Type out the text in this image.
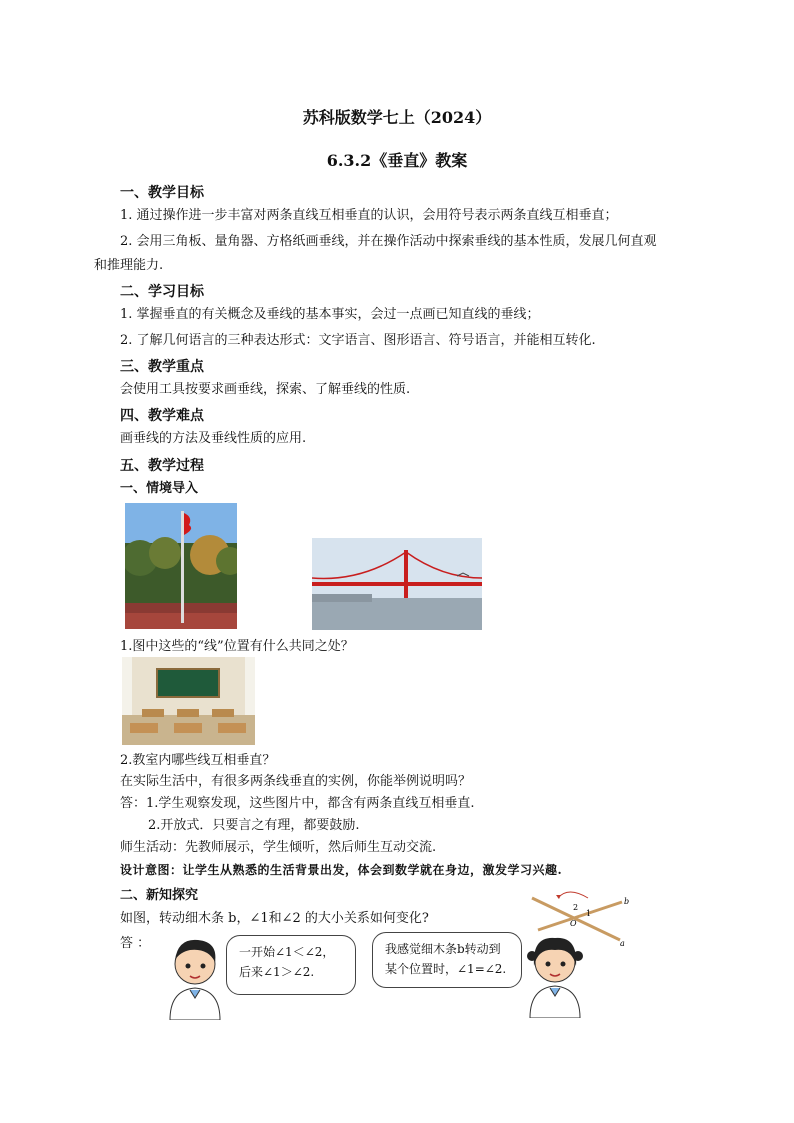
苏科版数学七上（2024）
6.3.2《垂直》教案
一、教学目标
1. 通过操作进一步丰富对两条直线互相垂直的认识，会用符号表示两条直线互相垂直；
2. 会用三角板、量角器、方格纸画垂线，并在操作活动中探索垂线的基本性质，发展几何直观
和推理能力.
二、学习目标
1. 掌握垂直的有关概念及垂线的基本事实，会过一点画已知直线的垂线；
2. 了解几何语言的三种表达形式：文字语言、图形语言、符号语言，并能相互转化.
三、教学重点
会使用工具按要求画垂线，探索、了解垂线的性质.
四、教学难点
画垂线的方法及垂线性质的应用.
五、教学过程
一、情境导入
1.图中这些的“线”位置有什么共同之处？
2.教室内哪些线互相垂直？
在实际生活中，有很多两条线垂直的实例，你能举例说明吗？
答：1.学生观察发现，这些图片中，都含有两条直线互相垂直.
2.开放式．只要言之有理，都要鼓励.
师生活动：先教师展示，学生倾听，然后师生互动交流.
设计意图：让学生从熟悉的生活背景出发，体会到数学就在身边，激发学习兴趣.
二、新知探究
如图，转动细木条 b，∠1和∠2 的大小关系如何变化?
答 ：
b
a
O
1
2
一开始∠1＜∠2，
后来∠1＞∠2.
我感觉细木条b转动到
某个位置时，∠1=∠2.
